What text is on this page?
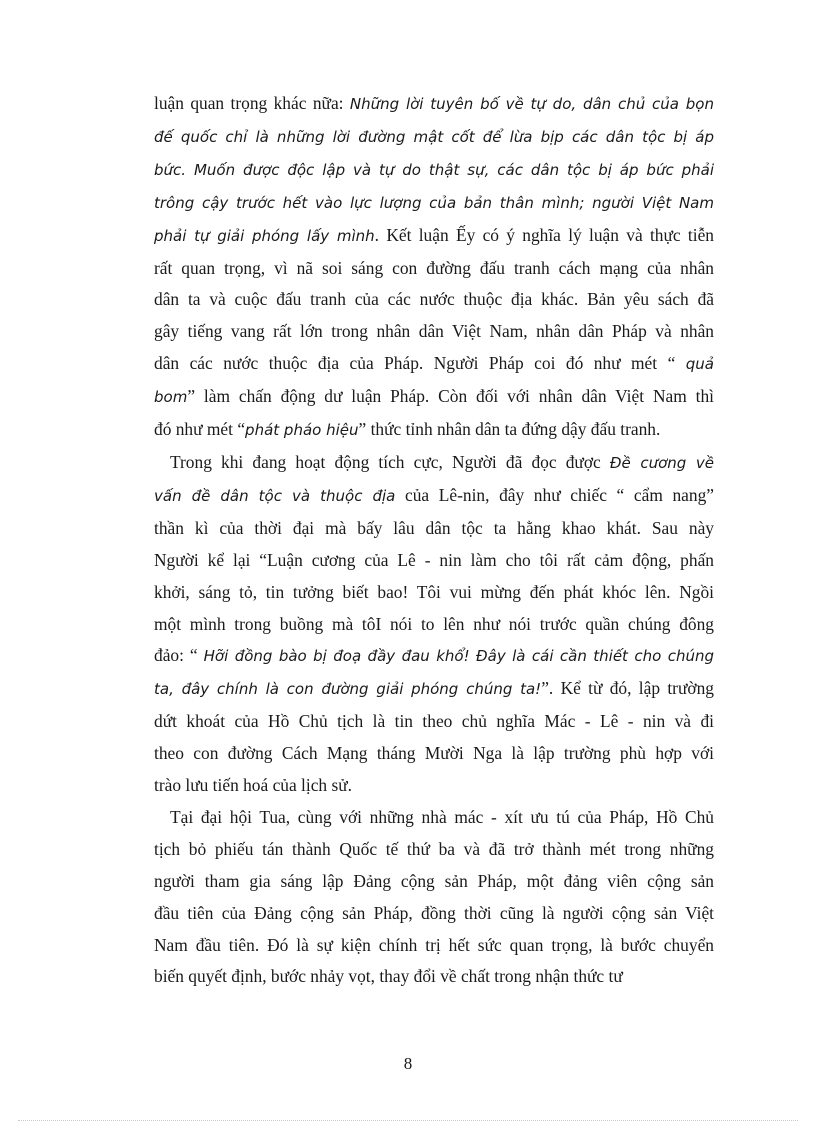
luận quan trọng khác nữa: Những lời tuyên bố về tự do, dân chủ của bọn
đế quốc chỉ là những lời đường mật cốt để lừa bịp các dân tộc bị áp
bức. Muốn được độc lập và tự do thật sự, các dân tộc bị áp bức phải
trông cậy trước hết vào lực lượng của bản thân mình; người Việt Nam
phải tự giải phóng lấy mình. Kết luận Ếy có ý nghĩa lý luận và thực tiễn
rất quan trọng, vì nã soi sáng con đường đấu tranh cách mạng của nhân
dân ta và cuộc đấu tranh của các nước thuộc địa khác. Bản yêu sách đã
gây tiếng vang rất lớn trong nhân dân Việt Nam, nhân dân Pháp và nhân
dân các nước thuộc địa của Pháp. Người Pháp coi đó như mét “ quả
bom” làm chấn động dư luận Pháp. Còn đối với nhân dân Việt Nam thì
đó như mét “phát pháo hiệu” thức tỉnh nhân dân ta đứng dậy đấu tranh.
Trong khi đang hoạt động tích cực, Người đã đọc được Đề cương về
vấn đề dân tộc và thuộc địa của Lê-nin, đây như chiếc “ cẩm nang”
thần kì của thời đại mà bấy lâu dân tộc ta hằng khao khát. Sau này
Người kể lại “Luận cương của Lê - nin làm cho tôi rất cảm động, phấn
khởi, sáng tỏ, tin tưởng biết bao! Tôi vui mừng đến phát khóc lên. Ngồi
một mình trong buồng mà tôI nói to lên như nói trước quần chúng đông
đảo: “ Hỡi đồng bào bị đoạ đầy đau khổ! Đây là cái cần thiết cho chúng
ta, đây chính là con đường giải phóng chúng ta!”. Kể từ đó, lập trường
dứt khoát của Hồ Chủ tịch là tin theo chủ nghĩa Mác - Lê - nin và đi
theo con đường Cách Mạng tháng Mười Nga là lập trường phù hợp với
trào lưu tiến hoá của lịch sử.
Tại đại hội Tua, cùng với những nhà mác - xít ưu tú của Pháp, Hồ Chủ
tịch bỏ phiếu tán thành Quốc tế thứ ba và đã trở thành mét trong những
người tham gia sáng lập Đảng cộng sản Pháp, một đảng viên cộng sản
đầu tiên của Đảng cộng sản Pháp, đồng thời cũng là người cộng sản Việt
Nam đầu tiên. Đó là sự kiện chính trị hết sức quan trọng, là bước chuyển
biến quyết định, bước nhảy vọt, thay đổi về chất trong nhận thức tư
8
